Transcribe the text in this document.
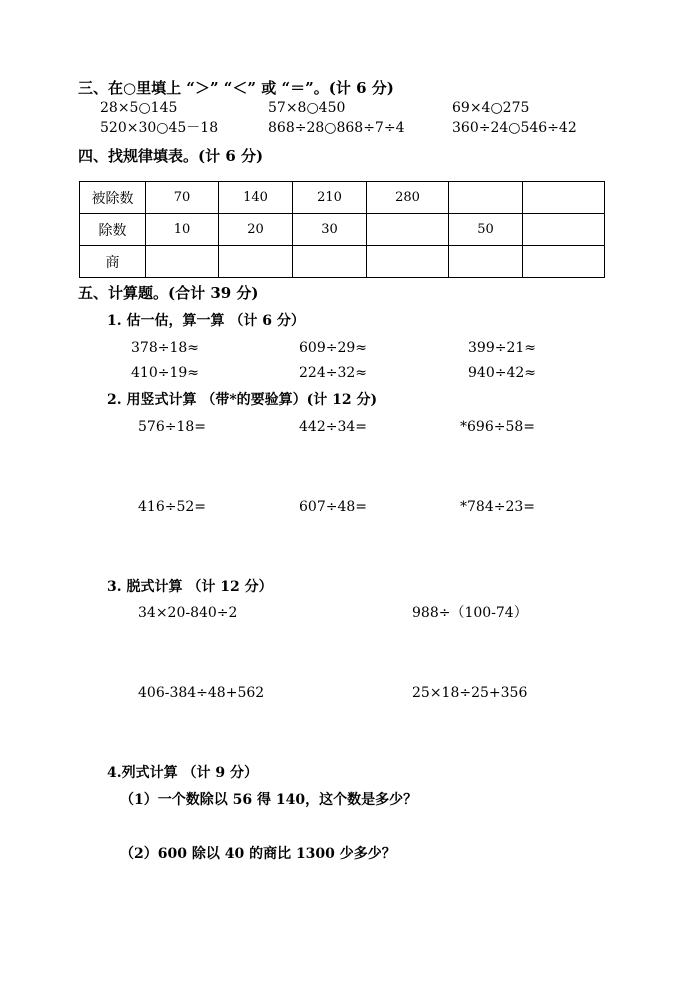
三、在○里填上 “＞” “＜” 或 “＝”。(计 6 分)
28×5○145	57×8○450	69×4○275
520×30○45－18	868÷28○868÷7÷4	360÷24○546÷42
四、找规律填表。(计 6 分)
被除数	70	140	210	280		
除数	10	20	30		50	
商						
五、计算题。(合计 39 分)
1. 估一估，算一算 （计 6 分）
378÷18≈	609÷29≈	399÷21≈
410÷19≈	224÷32≈	940÷42≈
2. 用竖式计算 （带*的要验算）(计 12 分)
576÷18=	442÷34=	*696÷58=
416÷52=	607÷48=	*784÷23=
3. 脱式计算 （计 12 分）
34×20-840÷2	988÷（100-74）
406-384÷48+562	25×18÷25+356
4.列式计算 （计 9 分）
（1）一个数除以 56 得 140，这个数是多少？
（2）600 除以 40 的商比 1300 少多少？
